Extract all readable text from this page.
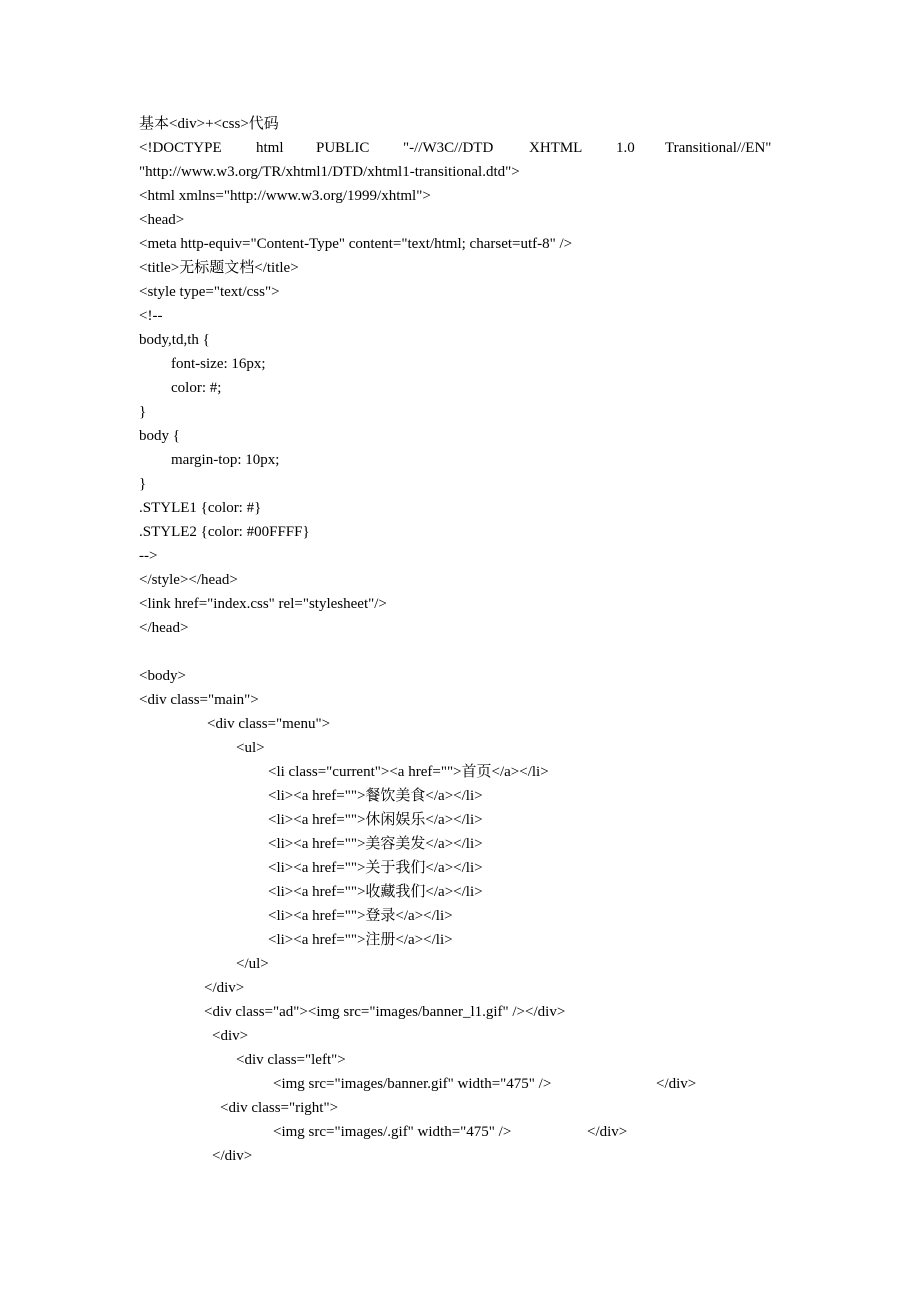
基本<div>+<css>代码
<!DOCTYPE html PUBLIC "-//W3C//DTD XHTML 1.0 Transitional//EN"
"http://www.w3.org/TR/xhtml1/DTD/xhtml1-transitional.dtd">
<html xmlns="http://www.w3.org/1999/xhtml">
<head>
<meta http-equiv="Content-Type" content="text/html; charset=utf-8" />
<title>无标题文档</title>
<style type="text/css">
<!--
body,td,th {
font-size: 16px;
color: #;
}
body {
margin-top: 10px;
}
.STYLE1 {color: #}
.STYLE2 {color: #00FFFF}
-->
</style></head>
<link href="index.css" rel="stylesheet"/>
</head>
<body>
<div class="main">
<div class="menu">
<ul>
<li class="current"><a href="">首页</a></li>
<li><a href="">餐饮美食</a></li>
<li><a href="">休闲娱乐</a></li>
<li><a href="">美容美发</a></li>
<li><a href="">关于我们</a></li>
<li><a href="">收藏我们</a></li>
<li><a href="">登录</a></li>
<li><a href="">注册</a></li>
</ul>
</div>
<div class="ad"><img src="images/banner_l1.gif" /></div>
<div>
<div class="left">
<img src="images/banner.gif" width="475" />	</div>
<div class="right">
<img src="images/.gif" width="475" />	</div>
</div>
